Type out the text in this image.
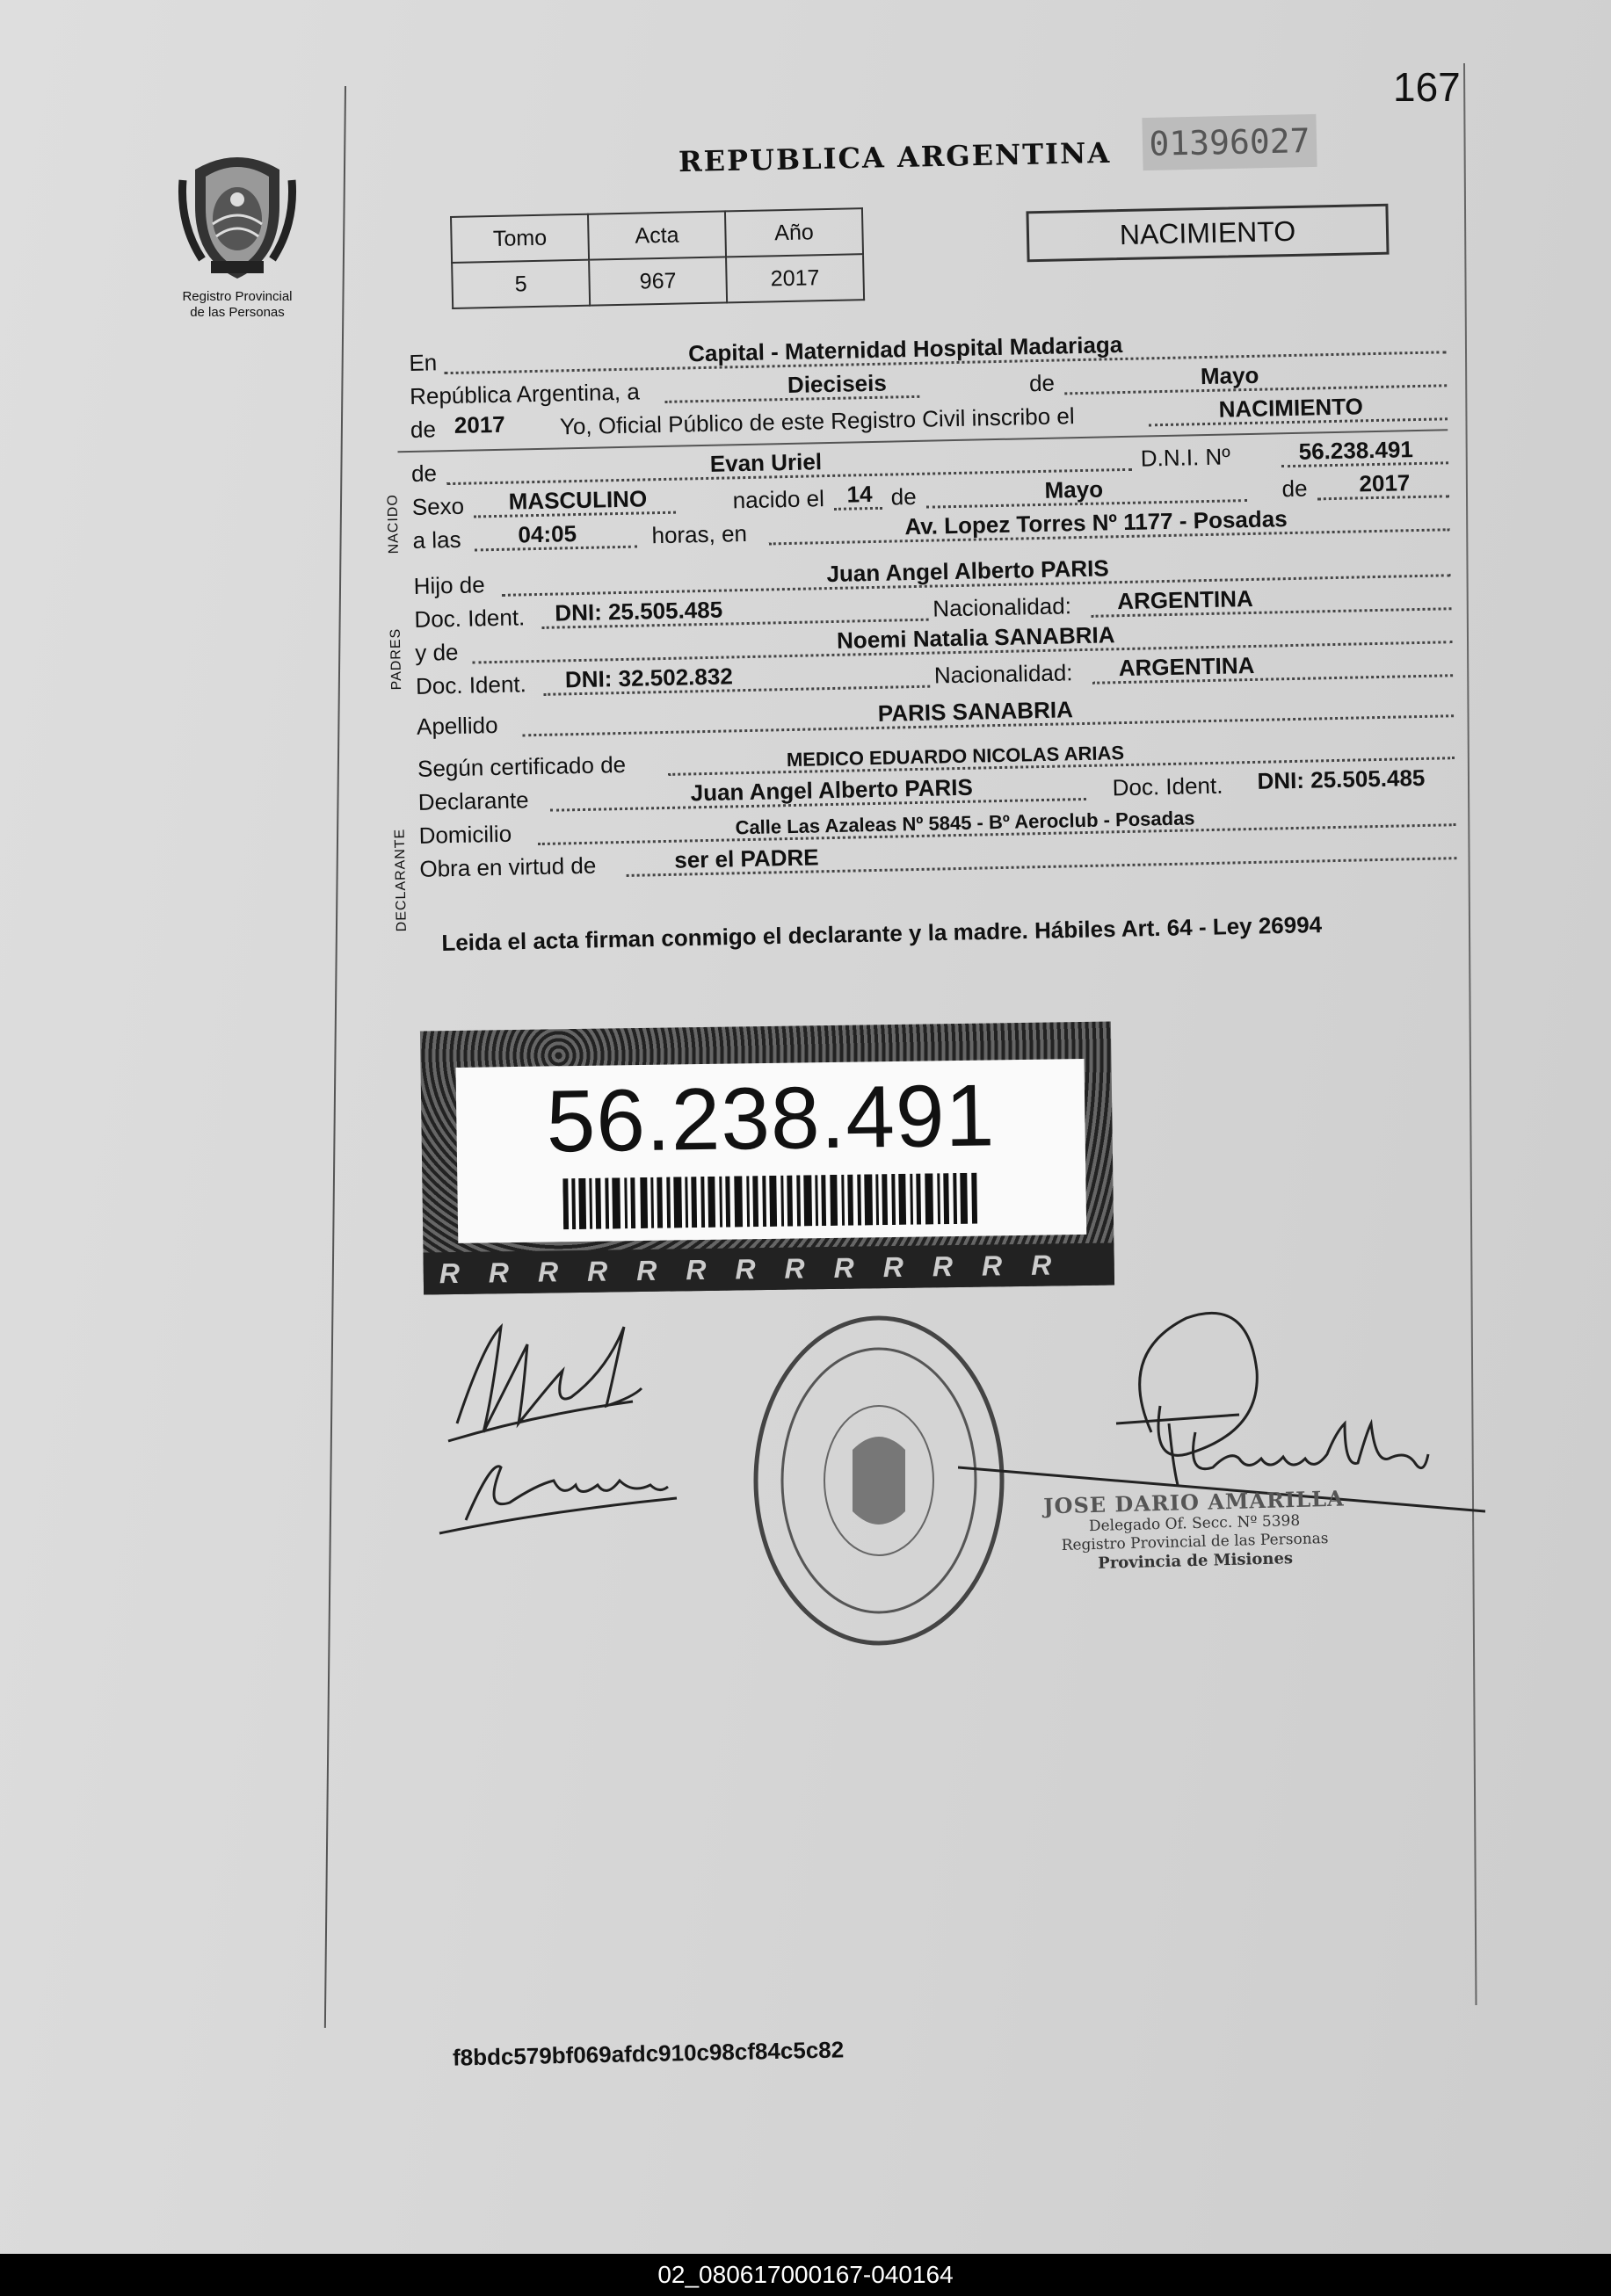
167
Registro Provincial
de las Personas
REPUBLICA ARGENTINA 01396027
Tomo	Acta	Año
5	967	2017
NACIMIENTO
En	Capital - Maternidad Hospital Madariaga
República Argentina, a	Dieciseis	de	Mayo
de 2017 Yo, Oficial Público de este Registro Civil inscribo el	NACIMIENTO
NACIDO
de	Evan Uriel	D.N.I. Nº	56.238.491
Sexo MASCULINO	nacido el 14 de	Mayo	de 2017
a las 04:05	horas, en	Av. Lopez Torres Nº 1177 - Posadas
PADRES
Hijo de	Juan Angel Alberto PARIS
Doc. Ident. DNI: 25.505.485	Nacionalidad: ARGENTINA
y de	Noemi Natalia SANABRIA
Doc. Ident. DNI: 32.502.832	Nacionalidad: ARGENTINA
Apellido	PARIS SANABRIA
DECLARANTE
Según certificado de	MEDICO EDUARDO NICOLAS ARIAS
Declarante	Juan Angel Alberto PARIS	Doc. Ident. DNI: 25.505.485
Domicilio	Calle Las Azaleas Nº 5845 - Bº Aeroclub - Posadas
Obra en virtud de	ser el PADRE
Leida el acta firman conmigo el declarante y la madre. Hábiles Art. 64 - Ley 26994
RRRRRRRRRRRRR
56.238.491
JOSE DARIO AMARILLA
Delegado Of. Secc. Nº 5398
Registro Provincial de las Personas
Provincia de Misiones
f8bdc579bf069afdc910c98cf84c5c82
02_080617000167-040164
